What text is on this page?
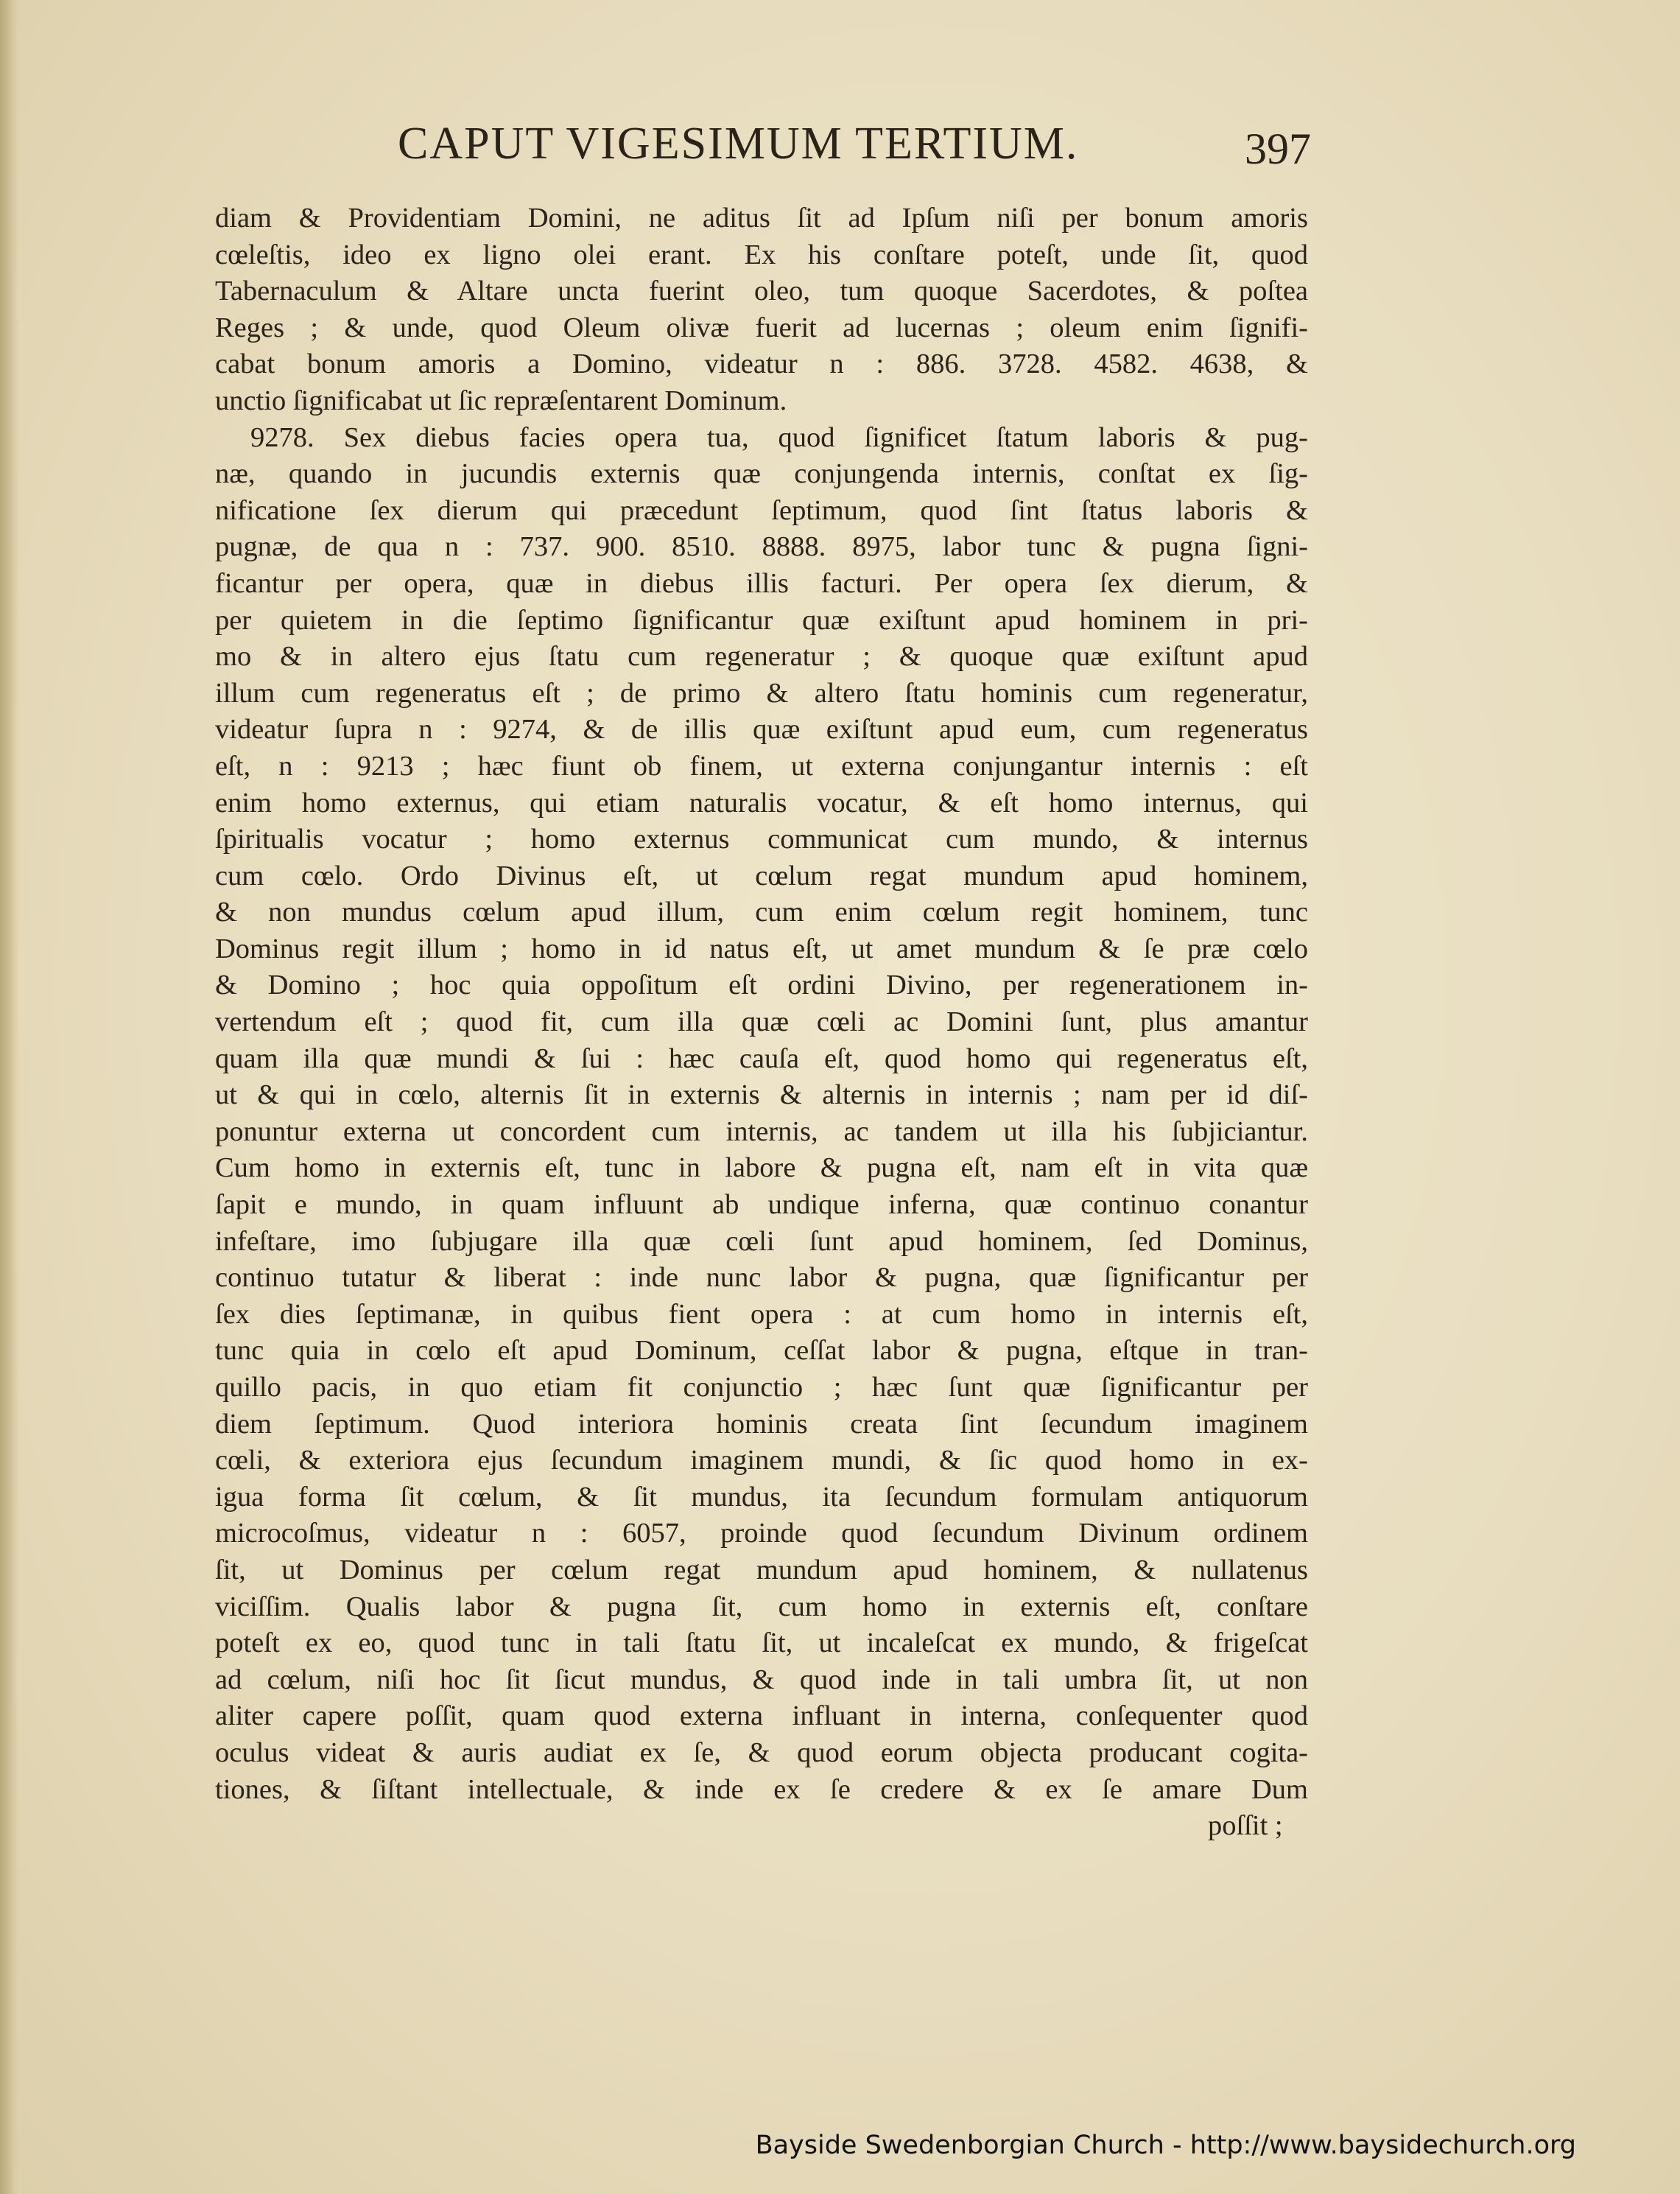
CAPUT VIGESIMUM TERTIUM.	397
diam & Providentiam Domini, ne aditus ſit ad Ipſum niſi per bonum amoris
cœleſtis, ideo ex ligno olei erant. Ex his conſtare poteſt, unde ſit, quod
Tabernaculum & Altare uncta fuerint oleo, tum quoque Sacerdotes, & poſtea
Reges ; & unde, quod Oleum olivæ fuerit ad lucernas ; oleum enim ſignifi-
cabat bonum amoris a Domino, videatur n : 886. 3728. 4582. 4638, &
unctio ſignificabat ut ſic repræſentarent Dominum.
9278. Sex diebus facies opera tua, quod ſignificet ſtatum laboris & pug-
næ, quando in jucundis externis quæ conjungenda internis, conſtat ex ſig-
nificatione ſex dierum qui præcedunt ſeptimum, quod ſint ſtatus laboris &
pugnæ, de qua n : 737. 900. 8510. 8888. 8975, labor tunc & pugna ſigni-
ficantur per opera, quæ in diebus illis facturi. Per opera ſex dierum, &
per quietem in die ſeptimo ſignificantur quæ exiſtunt apud hominem in pri-
mo & in altero ejus ſtatu cum regeneratur ; & quoque quæ exiſtunt apud
illum cum regeneratus eſt ; de primo & altero ſtatu hominis cum regeneratur,
videatur ſupra n : 9274, & de illis quæ exiſtunt apud eum, cum regeneratus
eſt, n : 9213 ; hæc fiunt ob finem, ut externa conjungantur internis : eſt
enim homo externus, qui etiam naturalis vocatur, & eſt homo internus, qui
ſpiritualis vocatur ; homo externus communicat cum mundo, & internus
cum cœlo. Ordo Divinus eſt, ut cœlum regat mundum apud hominem,
& non mundus cœlum apud illum, cum enim cœlum regit hominem, tunc
Dominus regit illum ; homo in id natus eſt, ut amet mundum & ſe præ cœlo
& Domino ; hoc quia oppoſitum eſt ordini Divino, per regenerationem in-
vertendum eſt ; quod fit, cum illa quæ cœli ac Domini ſunt, plus amantur
quam illa quæ mundi & ſui : hæc cauſa eſt, quod homo qui regeneratus eſt,
ut & qui in cœlo, alternis ſit in externis & alternis in internis ; nam per id diſ-
ponuntur externa ut concordent cum internis, ac tandem ut illa his ſubjiciantur.
Cum homo in externis eſt, tunc in labore & pugna eſt, nam eſt in vita quæ
ſapit e mundo, in quam influunt ab undique inferna, quæ continuo conantur
infeſtare, imo ſubjugare illa quæ cœli ſunt apud hominem, ſed Dominus,
continuo tutatur & liberat : inde nunc labor & pugna, quæ ſignificantur per
ſex dies ſeptimanæ, in quibus fient opera : at cum homo in internis eſt,
tunc quia in cœlo eſt apud Dominum, ceſſat labor & pugna, eſtque in tran-
quillo pacis, in quo etiam fit conjunctio ; hæc ſunt quæ ſignificantur per
diem ſeptimum. Quod interiora hominis creata ſint ſecundum imaginem
cœli, & exteriora ejus ſecundum imaginem mundi, & ſic quod homo in ex-
igua forma ſit cœlum, & ſit mundus, ita ſecundum formulam antiquorum
microcoſmus, videatur n : 6057, proinde quod ſecundum Divinum ordinem
ſit, ut Dominus per cœlum regat mundum apud hominem, & nullatenus
viciſſim. Qualis labor & pugna ſit, cum homo in externis eſt, conſtare
poteſt ex eo, quod tunc in tali ſtatu ſit, ut incaleſcat ex mundo, & frigeſcat
ad cœlum, niſi hoc ſit ſicut mundus, & quod inde in tali umbra ſit, ut non
aliter capere poſſit, quam quod externa influant in interna, conſequenter quod
oculus videat & auris audiat ex ſe, & quod eorum objecta producant cogita-
tiones, & ſiſtant intellectuale, & inde ex ſe credere & ex ſe amare Dum
poſſit ;
Bayside Swedenborgian Church - http://www.baysidechurch.org
